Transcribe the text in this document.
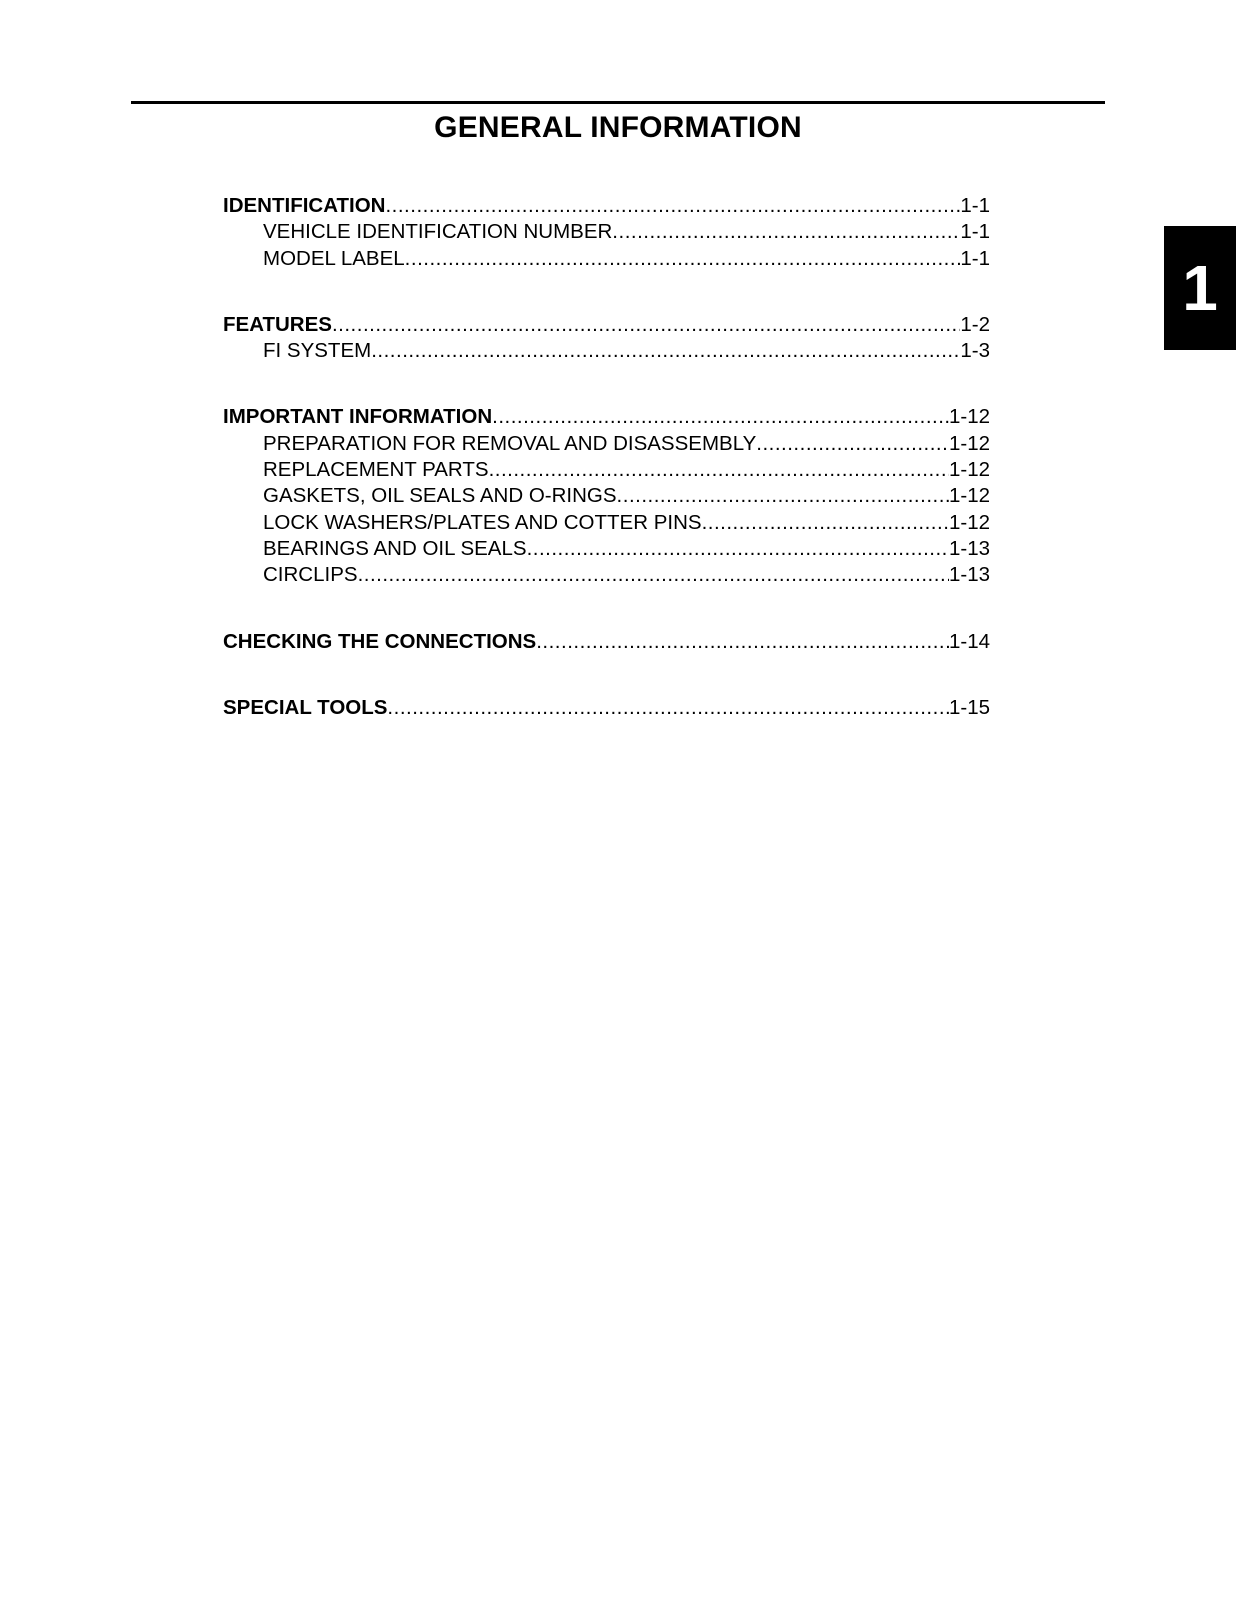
GENERAL INFORMATION
1
IDENTIFICATION .....	1-1
VEHICLE IDENTIFICATION NUMBER .....	1-1
MODEL LABEL .....	1-1
FEATURES .....	1-2
FI SYSTEM .....	1-3
IMPORTANT INFORMATION .....	1-12
PREPARATION FOR REMOVAL AND DISASSEMBLY .....	1-12
REPLACEMENT PARTS .....	1-12
GASKETS, OIL SEALS AND O-RINGS .....	1-12
LOCK WASHERS/PLATES AND COTTER PINS .....	1-12
BEARINGS AND OIL SEALS .....	1-13
CIRCLIPS .....	1-13
CHECKING THE CONNECTIONS .....	1-14
SPECIAL TOOLS .....	1-15
